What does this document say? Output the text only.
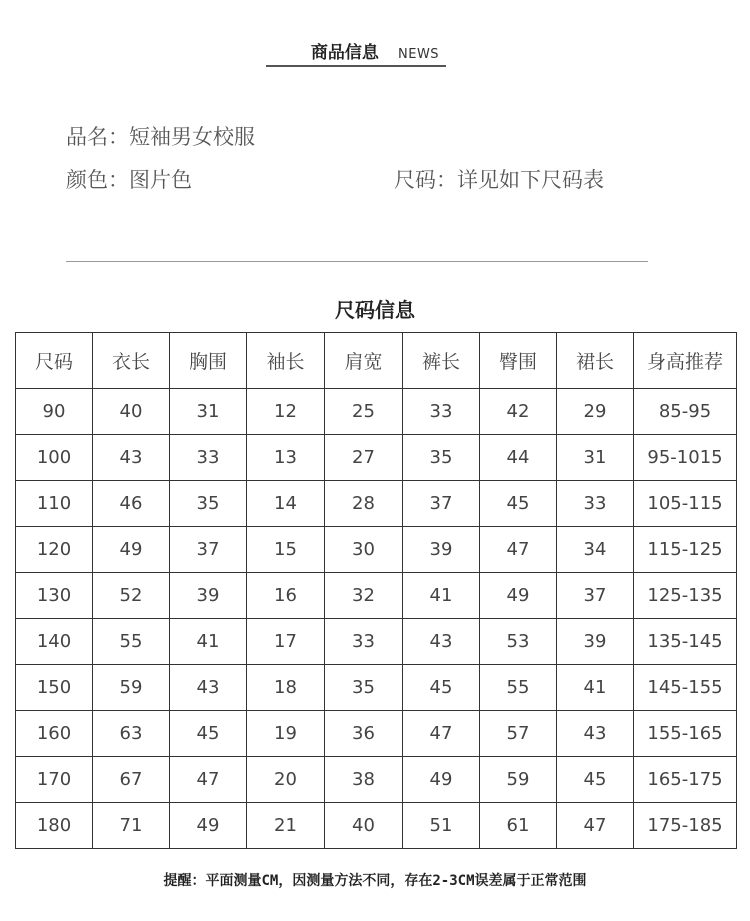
商品信息 NEWS
品名：短袖男女校服
颜色：图片色	尺码：详见如下尺码表
尺码信息
尺码	衣长	胸围	袖长	肩宽	裤长	臀围	裙长	身高推荐
90	40	31	12	25	33	42	29	85-95
100	43	33	13	27	35	44	31	95-1015
110	46	35	14	28	37	45	33	105-115
120	49	37	15	30	39	47	34	115-125
130	52	39	16	32	41	49	37	125-135
140	55	41	17	33	43	53	39	135-145
150	59	43	18	35	45	55	41	145-155
160	63	45	19	36	47	57	43	155-165
170	67	47	20	38	49	59	45	165-175
180	71	49	21	40	51	61	47	175-185
提醒：平面测量CM，因测量方法不同，存在2-3CM误差属于正常范围
